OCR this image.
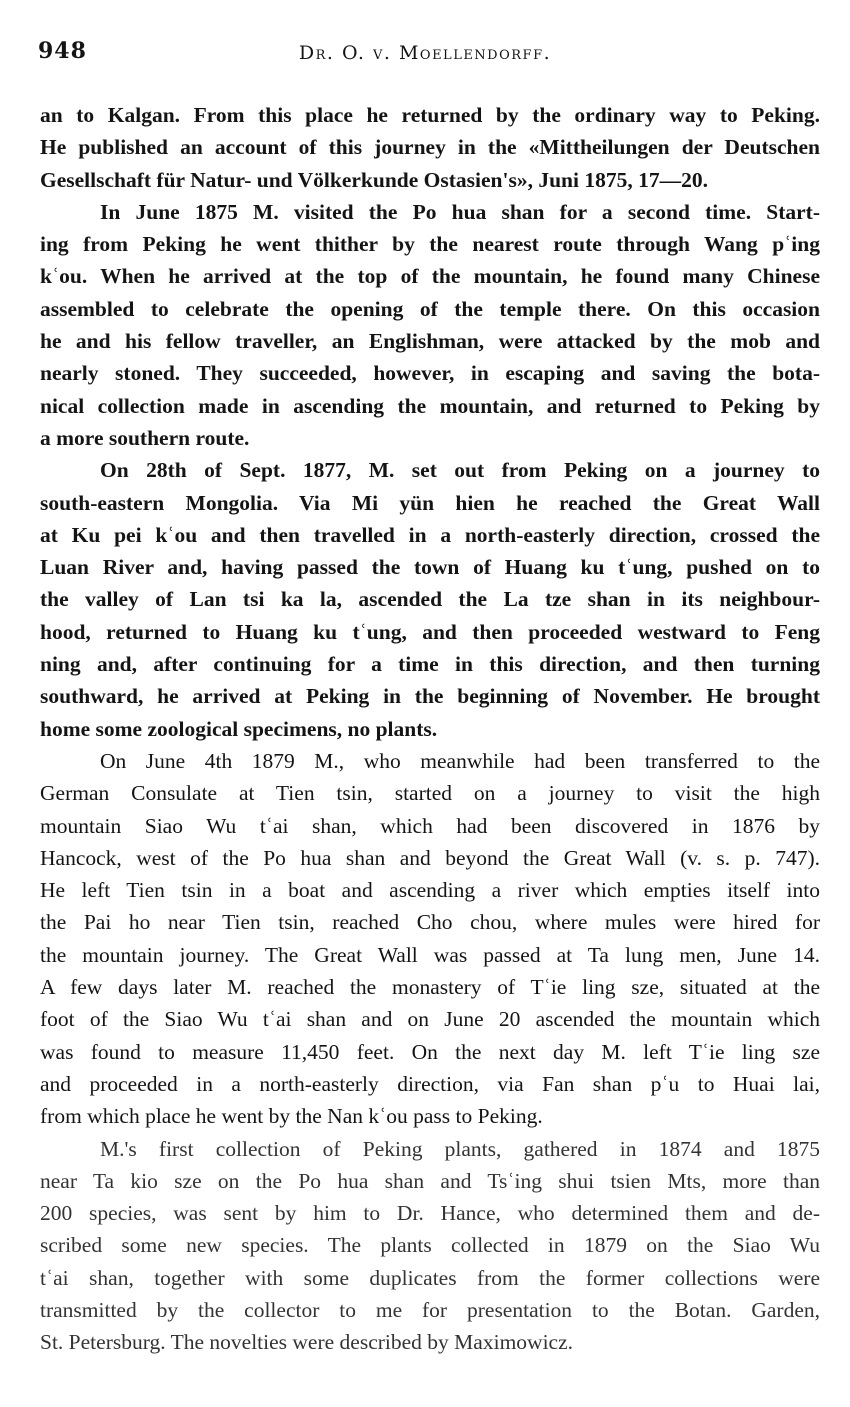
948	Dr. O. v. Moellendorff.
an to Kalgan. From this place he returned by the ordinary way to Peking.
He published an account of this journey in the «Mittheilungen der Deutschen
Gesellschaft für Natur- und Völkerkunde Ostasien's», Juni 1875, 17—20.
In June 1875 M. visited the Po hua shan for a second time. Start-
ing from Peking he went thither by the nearest route through Wang pʿing
kʿou. When he arrived at the top of the mountain, he found many Chinese
assembled to celebrate the opening of the temple there. On this occasion
he and his fellow traveller, an Englishman, were attacked by the mob and
nearly stoned. They succeeded, however, in escaping and saving the bota-
nical collection made in ascending the mountain, and returned to Peking by
a more southern route.
On 28th of Sept. 1877, M. set out from Peking on a journey to
south-eastern Mongolia. Via Mi yün hien he reached the Great Wall
at Ku pei kʿou and then travelled in a north-easterly direction, crossed the
Luan River and, having passed the town of Huang ku tʿung, pushed on to
the valley of Lan tsi ka la, ascended the La tze shan in its neighbour-
hood, returned to Huang ku tʿung, and then proceeded westward to Feng
ning and, after continuing for a time in this direction, and then turning
southward, he arrived at Peking in the beginning of November. He brought
home some zoological specimens, no plants.
On June 4th 1879 M., who meanwhile had been transferred to the
German Consulate at Tien tsin, started on a journey to visit the high
mountain Siao Wu tʿai shan, which had been discovered in 1876 by
Hancock, west of the Po hua shan and beyond the Great Wall (v. s. p. 747).
He left Tien tsin in a boat and ascending a river which empties itself into
the Pai ho near Tien tsin, reached Cho chou, where mules were hired for
the mountain journey. The Great Wall was passed at Ta lung men, June 14.
A few days later M. reached the monastery of Tʿie ling sze, situated at the
foot of the Siao Wu tʿai shan and on June 20 ascended the mountain which
was found to measure 11,450 feet. On the next day M. left Tʿie ling sze
and proceeded in a north-easterly direction, via Fan shan pʿu to Huai lai,
from which place he went by the Nan kʿou pass to Peking.
M.'s first collection of Peking plants, gathered in 1874 and 1875
near Ta kio sze on the Po hua shan and Tsʿing shui tsien Mts, more than
200 species, was sent by him to Dr. Hance, who determined them and de-
scribed some new species. The plants collected in 1879 on the Siao Wu
tʿai shan, together with some duplicates from the former collections were
transmitted by the collector to me for presentation to the Botan. Garden,
St. Petersburg. The novelties were described by Maximowicz.
